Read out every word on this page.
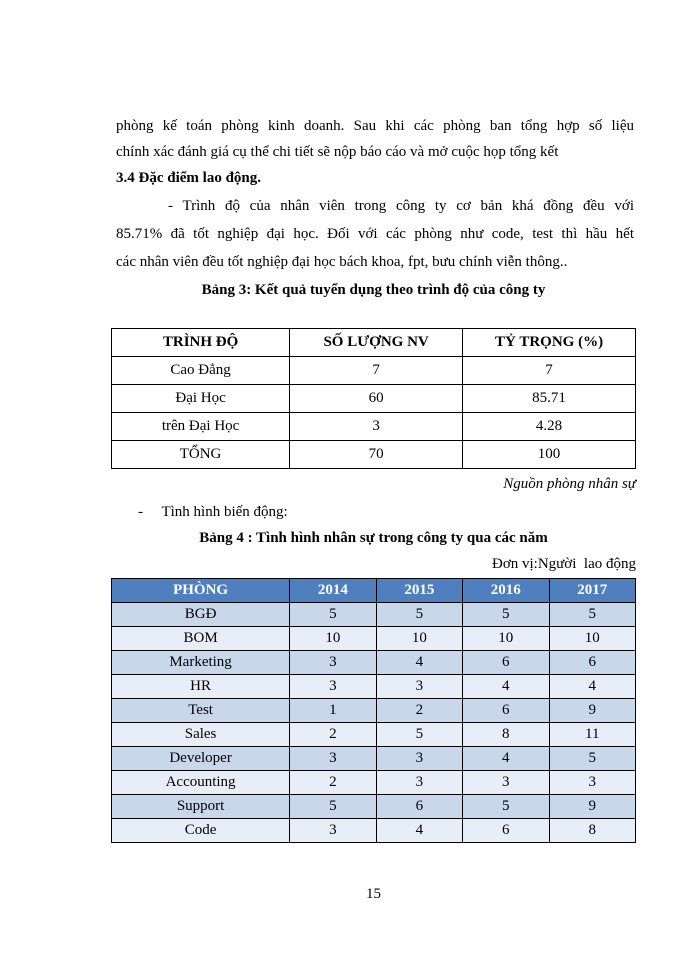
phòng kế toán phòng kinh doanh. Sau khi các phòng ban tổng hợp số liệu
chính xác đánh giá cụ thể chi tiết sẽ nộp báo cáo và mở cuộc họp tổng kết
3.4 Đặc điểm lao động.
- Trình độ của nhân viên trong công ty cơ bản khá đồng đều với
85.71% đã tốt nghiệp đại học. Đối với các phòng như code, test thì hầu hết
các nhân viên đều tốt nghiệp đại học bách khoa, fpt, bưu chính viễn thông..
Bảng 3: Kết quả tuyển dụng theo trình độ của công ty
TRÌNH ĐỘ	SỐ LƯỢNG NV	TỶ TRỌNG (%)
Cao Đẳng	7	7
Đại Học	60	85.71
trên Đại Học	3	4.28
TỔNG	70	100
Nguồn phòng nhân sự
-     Tình hình biến động:
Bảng 4 : Tình hình nhân sự trong công ty qua các năm
Đơn vị:Người  lao động
PHÒNG	2014	2015	2016	2017
BGĐ	5	5	5	5
BOM	10	10	10	10
Marketing	3	4	6	6
HR	3	3	4	4
Test	1	2	6	9
Sales	2	5	8	11
Developer	3	3	4	5
Accounting	2	3	3	3
Support	5	6	5	9
Code	3	4	6	8
15
